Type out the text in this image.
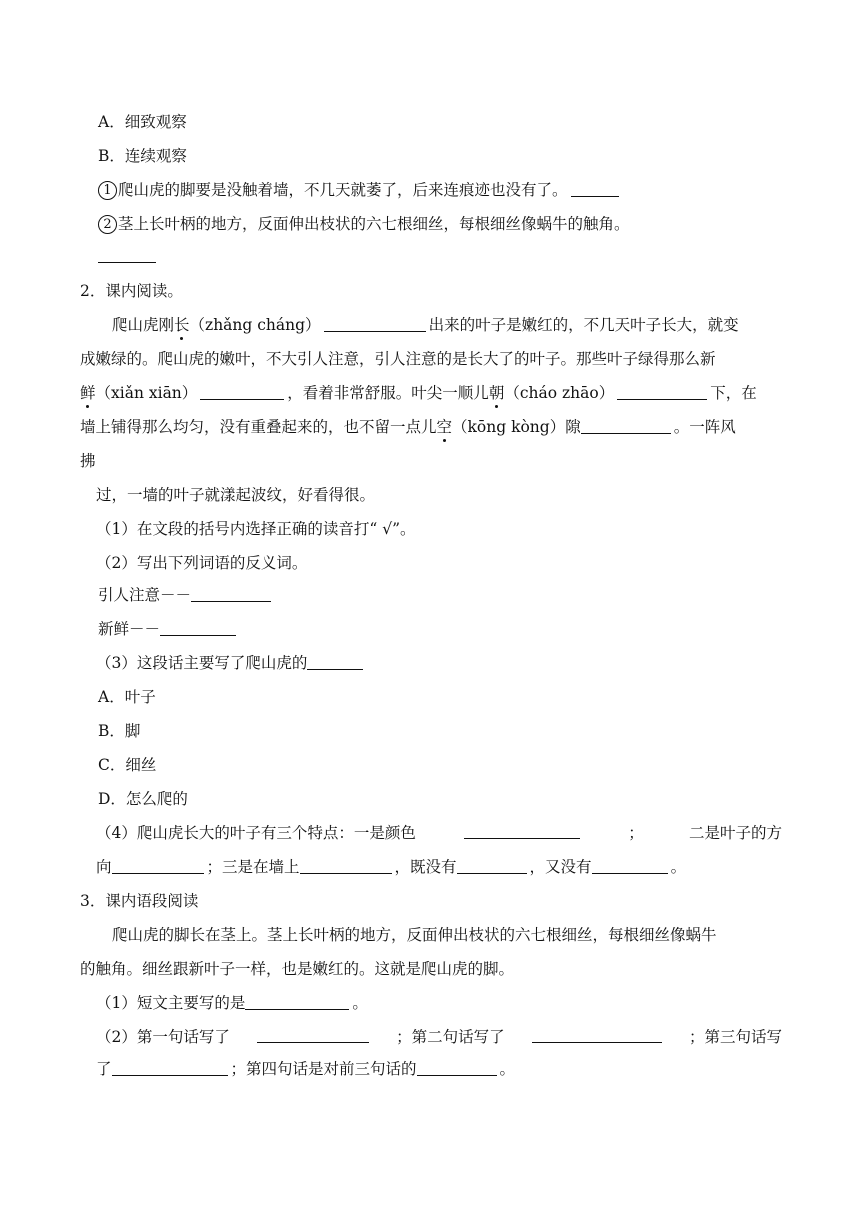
A．细致观察
B．连续观察
1 爬山虎的脚要是没触着墙，不几天就萎了，后来连痕迹也没有了。
2 茎上长叶柄的地方，反面伸出枝状的六七根细丝，每根细丝像蜗牛的触角。
2．课内阅读。
爬山虎刚长（zhǎng cháng）	出来的叶子是嫩红的，不几天叶子长大，就变
成嫩绿的。爬山虎的嫩叶，不大引人注意，引人注意的是长大了的叶子。那些叶子绿得那么新
鲜（xiǎn xiān）	，看着非常舒服。叶尖一顺儿朝（cháo zhāo）	下，在
墙上铺得那么均匀，没有重叠起来的，也不留一点儿空（kōng kòng）隙	。一阵风
拂
过，一墙的叶子就漾起波纹，好看得很。
（1）在文段的括号内选择正确的读音打“ √”。
（2）写出下列词语的反义词。
引人注意－－
新鲜－－
（3）这段话主要写了爬山虎的
A．叶子
B．脚
C．细丝
D．怎么爬的
（4）爬山虎长大的叶子有三个特点：一是颜色	；	二是叶子的方
向	；三是在墙上	，既没有	，又没有	。
3．课内语段阅读
爬山虎的脚长在茎上。茎上长叶柄的地方，反面伸出枝状的六七根细丝，每根细丝像蜗牛
的触角。细丝跟新叶子一样，也是嫩红的。这就是爬山虎的脚。
（1）短文主要写的是	。
（2）第一句话写了	；第二句话写了	；第三句话写
了	；第四句话是对前三句话的	。
